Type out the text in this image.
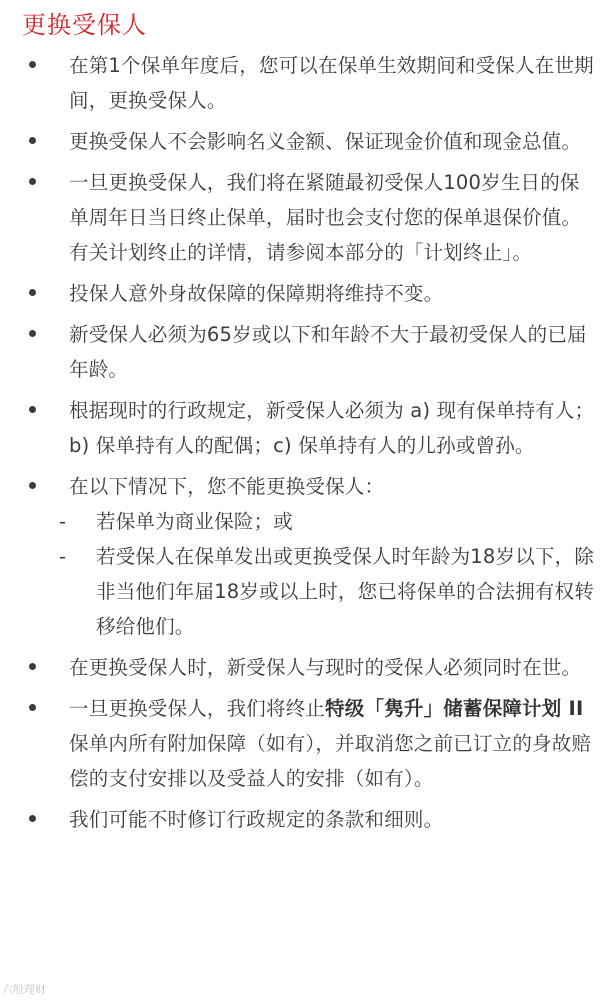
更换受保人
在第1个保单年度后，您可以在保单生效期间和受保人在世期间，更换受保人。
更换受保人不会影响名义金额、保证现金价值和现金总值。
一旦更换受保人，我们将在紧随最初受保人100岁生日的保单周年日当日终止保单，届时也会支付您的保单退保价值。有关计划终止的详情，请参阅本部分的「计划终止」。
投保人意外身故保障的保障期将维持不变。
新受保人必须为65岁或以下和年龄不大于最初受保人的已届年龄。
根据现时的行政规定，新受保人必须为 a) 现有保单持有人；b) 保单持有人的配偶；c) 保单持有人的儿孙或曾孙。
在以下情况下，您不能更换受保人：
- 若保单为商业保险；或
- 若受保人在保单发出或更换受保人时年龄为18岁以下，除非当他们年届18岁或以上时，您已将保单的合法拥有权转移给他们。
在更换受保人时，新受保人与现时的受保人必须同时在世。
一旦更换受保人，我们将终止特级「隽升」储蓄保障计划 II保单内所有附加保障（如有），并取消您之前已订立的身故赔偿的支付安排以及受益人的安排（如有）。
我们可能不时修订行政规定的条款和细则。
六般理财
